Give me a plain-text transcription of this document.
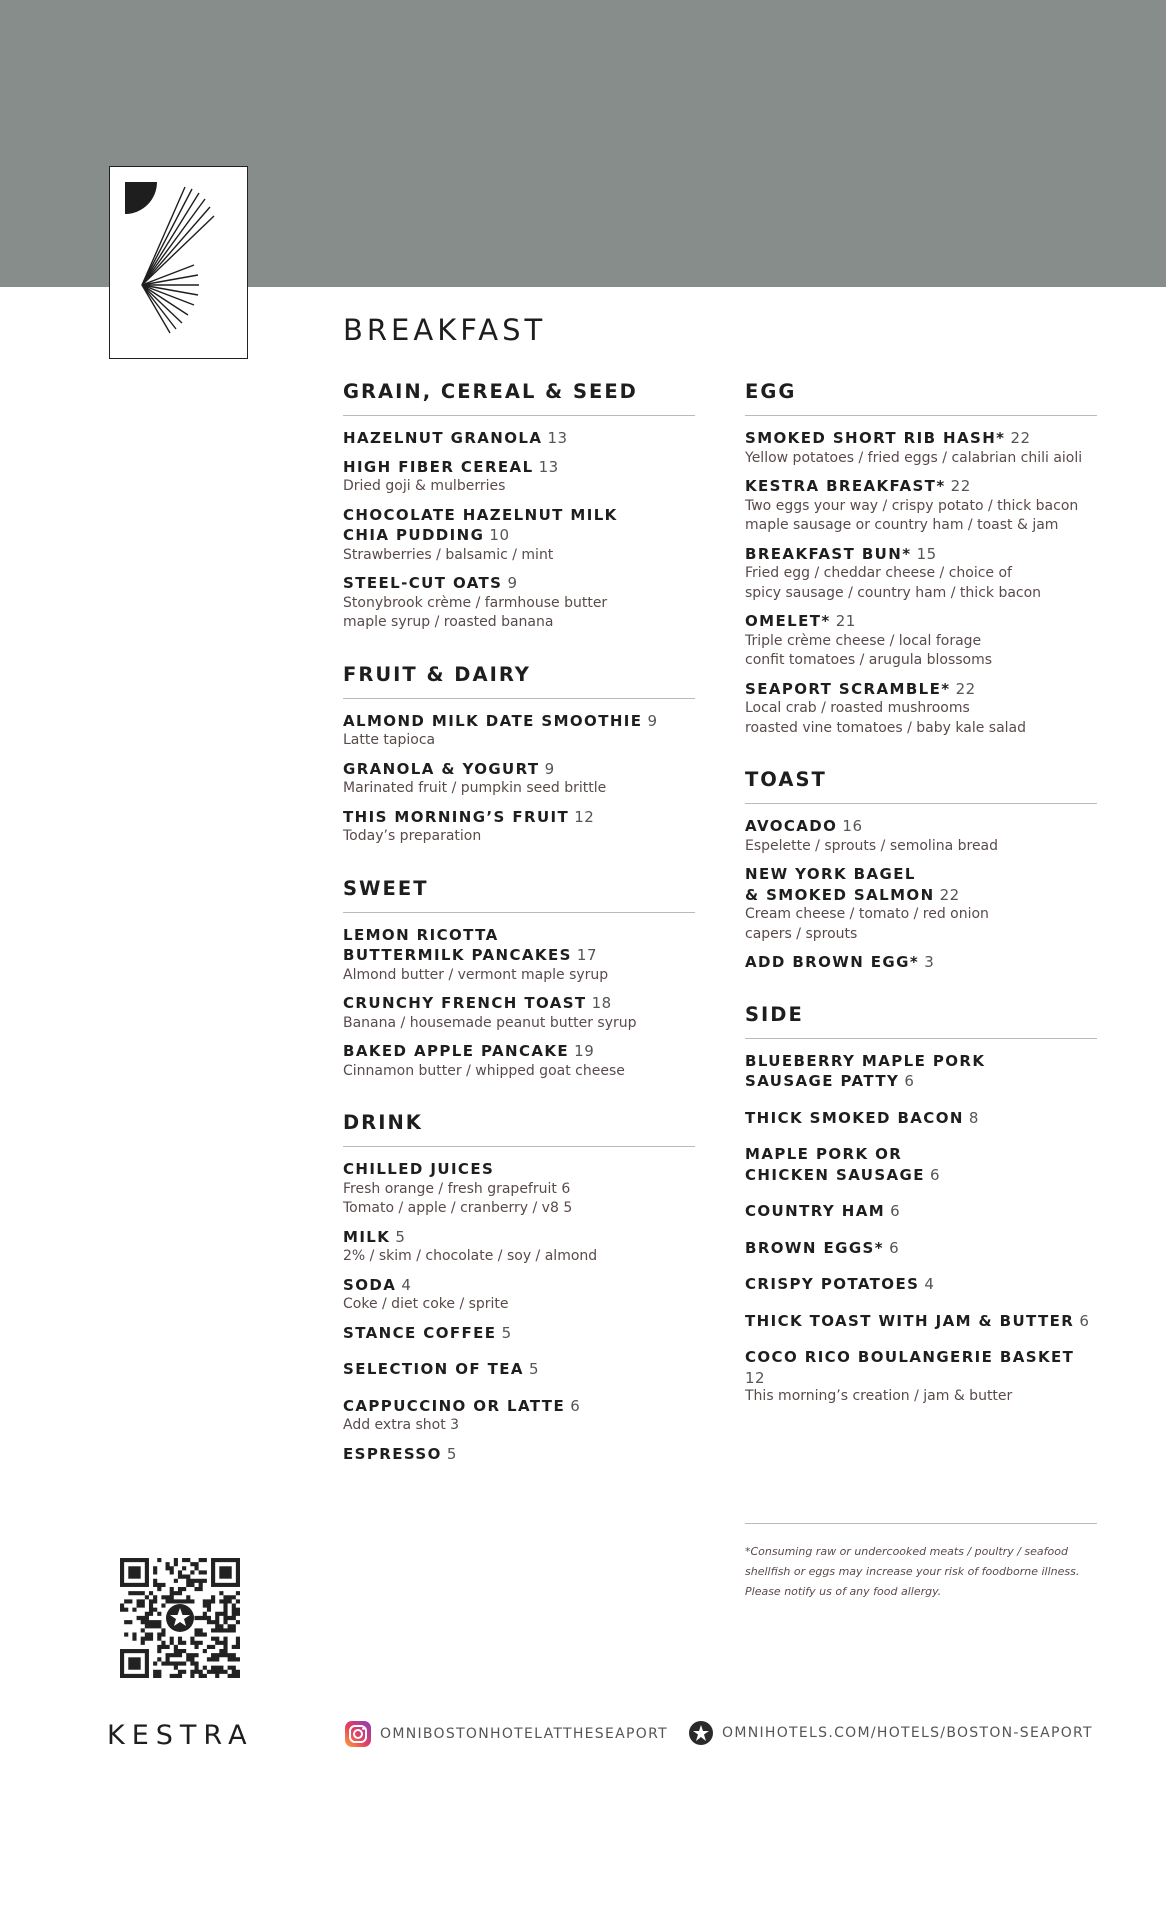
BREAKFAST
GRAIN, CEREAL & SEED
HAZELNUT GRANOLA 13
HIGH FIBER CEREAL 13
Dried goji & mulberries
CHOCOLATE HAZELNUT MILK
CHIA PUDDING 10
Strawberries / balsamic / mint
STEEL-CUT OATS 9
Stonybrook crème / farmhouse butter
maple syrup / roasted banana
FRUIT & DAIRY
ALMOND MILK DATE SMOOTHIE 9
Latte tapioca
GRANOLA & YOGURT 9
Marinated fruit / pumpkin seed brittle
THIS MORNING’S FRUIT 12
Today’s preparation
SWEET
LEMON RICOTTA
BUTTERMILK PANCAKES 17
Almond butter / vermont maple syrup
CRUNCHY FRENCH TOAST 18
Banana / housemade peanut butter syrup
BAKED APPLE PANCAKE 19
Cinnamon butter / whipped goat cheese
DRINK
CHILLED JUICES
Fresh orange / fresh grapefruit 6
Tomato / apple / cranberry / v8 5
MILK 5
2% / skim / chocolate / soy / almond
SODA 4
Coke / diet coke / sprite
STANCE COFFEE 5
SELECTION OF TEA 5
CAPPUCCINO OR LATTE 6
Add extra shot 3
ESPRESSO 5
EGG
SMOKED SHORT RIB HASH* 22
Yellow potatoes / fried eggs / calabrian chili aioli
KESTRA BREAKFAST* 22
Two eggs your way / crispy potato / thick bacon
maple sausage or country ham / toast & jam
BREAKFAST BUN* 15
Fried egg / cheddar cheese / choice of
spicy sausage / country ham / thick bacon
OMELET* 21
Triple crème cheese / local forage
confit tomatoes / arugula blossoms
SEAPORT SCRAMBLE* 22
Local crab / roasted mushrooms
roasted vine tomatoes / baby kale salad
TOAST
AVOCADO 16
Espelette / sprouts / semolina bread
NEW YORK BAGEL
& SMOKED SALMON 22
Cream cheese / tomato / red onion
capers / sprouts
ADD BROWN EGG* 3
SIDE
BLUEBERRY MAPLE PORK
SAUSAGE PATTY 6
THICK SMOKED BACON 8
MAPLE PORK OR
CHICKEN SAUSAGE 6
COUNTRY HAM 6
BROWN EGGS* 6
CRISPY POTATOES 4
THICK TOAST WITH JAM & BUTTER 6
COCO RICO BOULANGERIE BASKET 12
This morning’s creation / jam & butter
*Consuming raw or undercooked meats / poultry / seafood
shellfish or eggs may increase your risk of foodborne illness.
Please notify us of any food allergy.
KESTRA	OMNIBOSTONHOTELATTHESEAPORT	OMNIHOTELS.COM/HOTELS/BOSTON-SEAPORT
